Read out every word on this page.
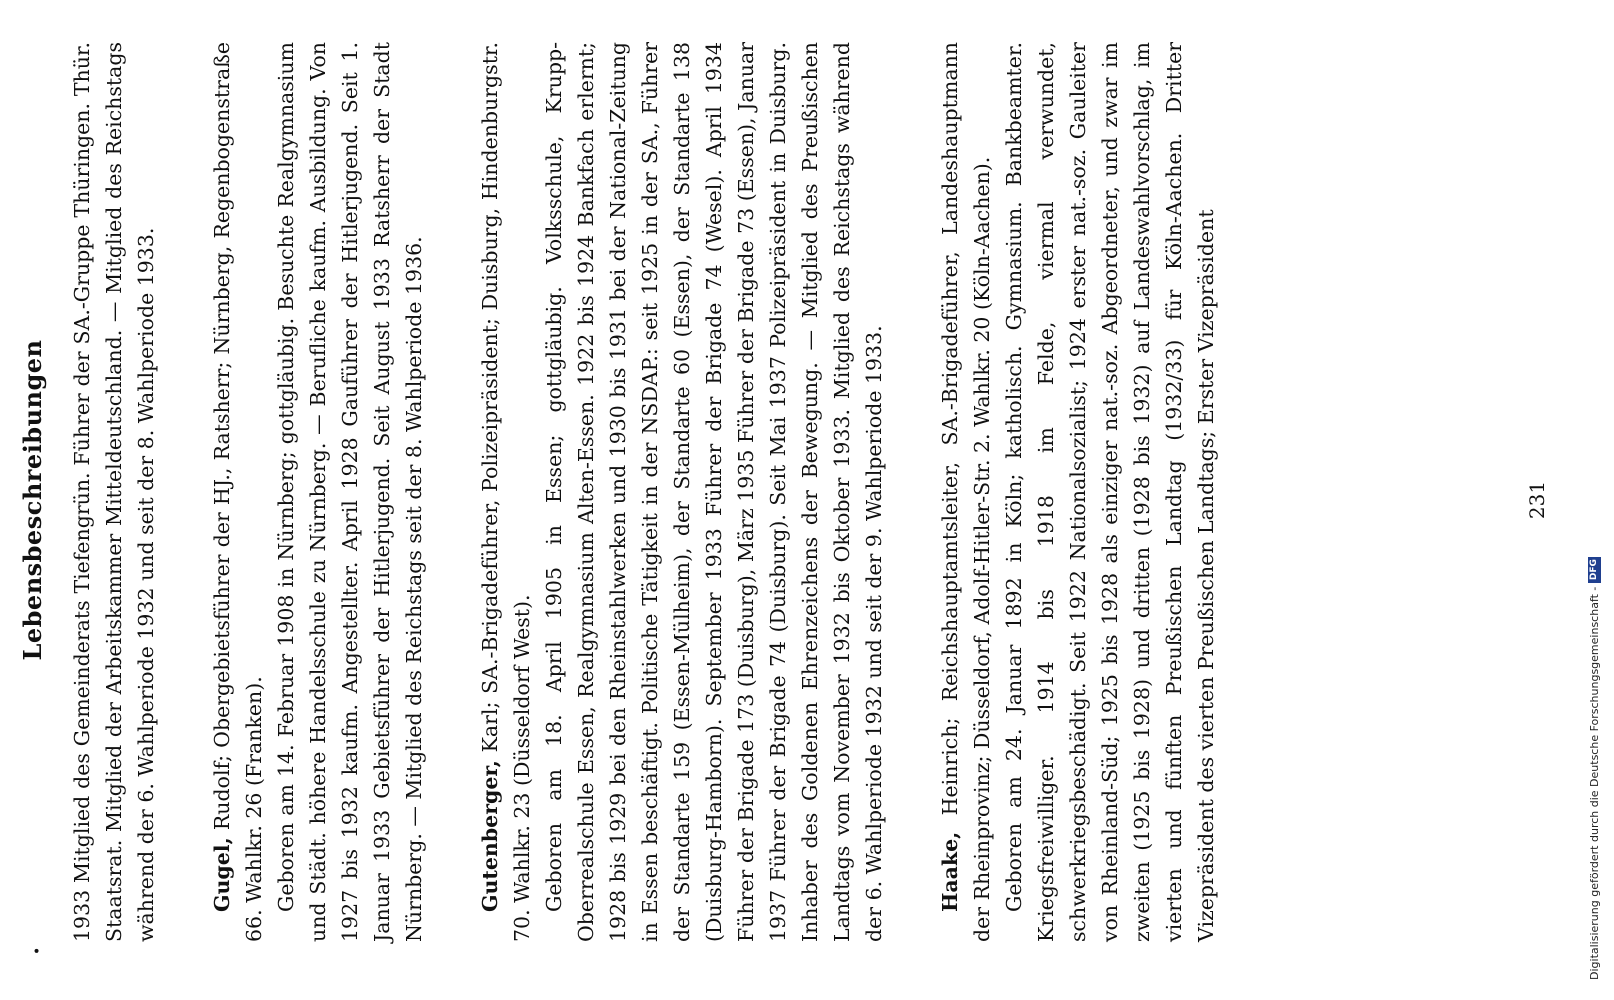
Lebensbeschreibungen
•

1933 Mitglied des Gemeinderats Tiefengrün. Führer der SA.-Gruppe Thüringen. Thür. Staatsrat. Mitglied der Arbeitskammer Mitteldeutschland. — Mitglied des Reichstags während der 6. Wahlperiode 1932 und seit der 8. Wahlperiode 1933.	Gugel, Rudolf; Obergebietsführer der HJ., Ratsherr; Nürnberg, Regenbogenstraße 66. Wahlkr. 26 (Franken). Geboren am 14. Februar 1908 in Nürnberg; gottgläubig. Besuchte Realgymnasium und Städt. höhere Handelsschule zu Nürnberg. — Berufliche kaufm. Ausbildung. Von 1927 bis 1932 kaufm. Angestellter. April 1928 Gauführer der Hitlerjugend. Seit 1. Januar 1933 Gebietsführer der Hitlerjugend. Seit August 1933 Ratsherr der Stadt Nürnberg. — Mitglied des Reichstags seit der 8. Wahlperiode 1936.	Gutenberger, Karl; SA.-Brigadeführer, Polizeipräsident; Duisburg, Hindenburgstr. 70. Wahlkr. 23 (Düsseldorf West). Geboren am 18. April 1905 in Essen; gottgläubig. Volksschule, Krupp-Oberrealschule Essen, Realgymnasium Alten-Essen. 1922 bis 1924 Bankfach erlernt; 1928 bis 1929 bei den Rheinstahlwerken und 1930 bis 1931 bei der National-Zeitung in Essen beschäftigt. Politische Tätigkeit in der NSDAP.: seit 1925 in der SA., Führer der Standarte 159 (Essen-Mülheim), der Standarte 60 (Essen), der Standarte 138 (Duisburg-Hamborn). September 1933 Führer der Brigade 74 (Wesel). April 1934 Führer der Brigade 173 (Duisburg), März 1935 Führer der Brigade 73 (Essen), Januar 1937 Führer der Brigade 74 (Duisburg). Seit Mai 1937 Polizeipräsident in Duisburg. Inhaber des Goldenen Ehrenzeichens der Bewegung. — Mitglied des Preußischen Landtags vom November 1932 bis Oktober 1933. Mitglied des Reichstags während der 6. Wahlperiode 1932 und seit der 9. Wahlperiode 1933.	Haake, Heinrich; Reichshauptamtsleiter, SA.-Brigadeführer, Landeshauptmann der Rheinprovinz; Düsseldorf, Adolf-Hitler-Str. 2. Wahlkr. 20 (Köln-Aachen). Geboren am 24. Januar 1892 in Köln; katholisch. Gymnasium. Bankbeamter. Kriegsfreiwilliger. 1914 bis 1918 im Felde, viermal verwundet, schwerkriegsbeschädigt. Seit 1922 Nationalsozialist; 1924 erster nat.-soz. Gauleiter von Rheinland-Süd; 1925 bis 1928 als einziger nat.-soz. Abgeordneter, und zwar im zweiten (1925 bis 1928) und dritten (1928 bis 1932) auf Landeswahlvorschlag, im vierten und fünften Preußischen Landtag (1932/33) für Köln-Aachen. Dritter Vizepräsident des vierten Preußischen Landtags; Erster Vizepräsident	231
Digitalisierung gefördert durch die Deutsche Forschungsgemeinschaft -
DFG
